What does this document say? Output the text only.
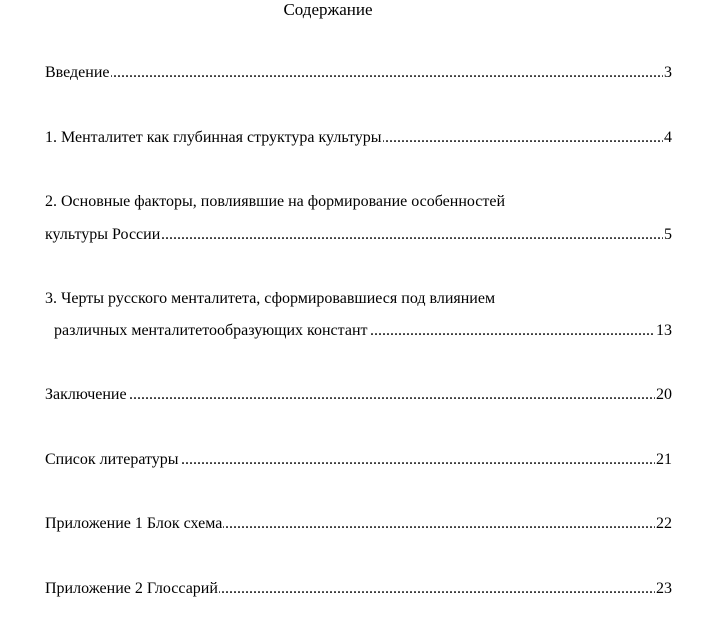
Содержание
.....
Введение	3
.....
1. Менталитет как глубинная структура культуры	4
2. Основные факторы, повлиявшие на формирование особенностей
.....
культуры России	5
3. Черты русского менталитета, сформировавшиеся под влиянием
.....
различных менталитетообразующих констант	13
.....
Заключение	20
.....
Список литературы	21
.....
Приложение 1 Блок схема	22
.....
Приложение 2 Глоссарий	23
